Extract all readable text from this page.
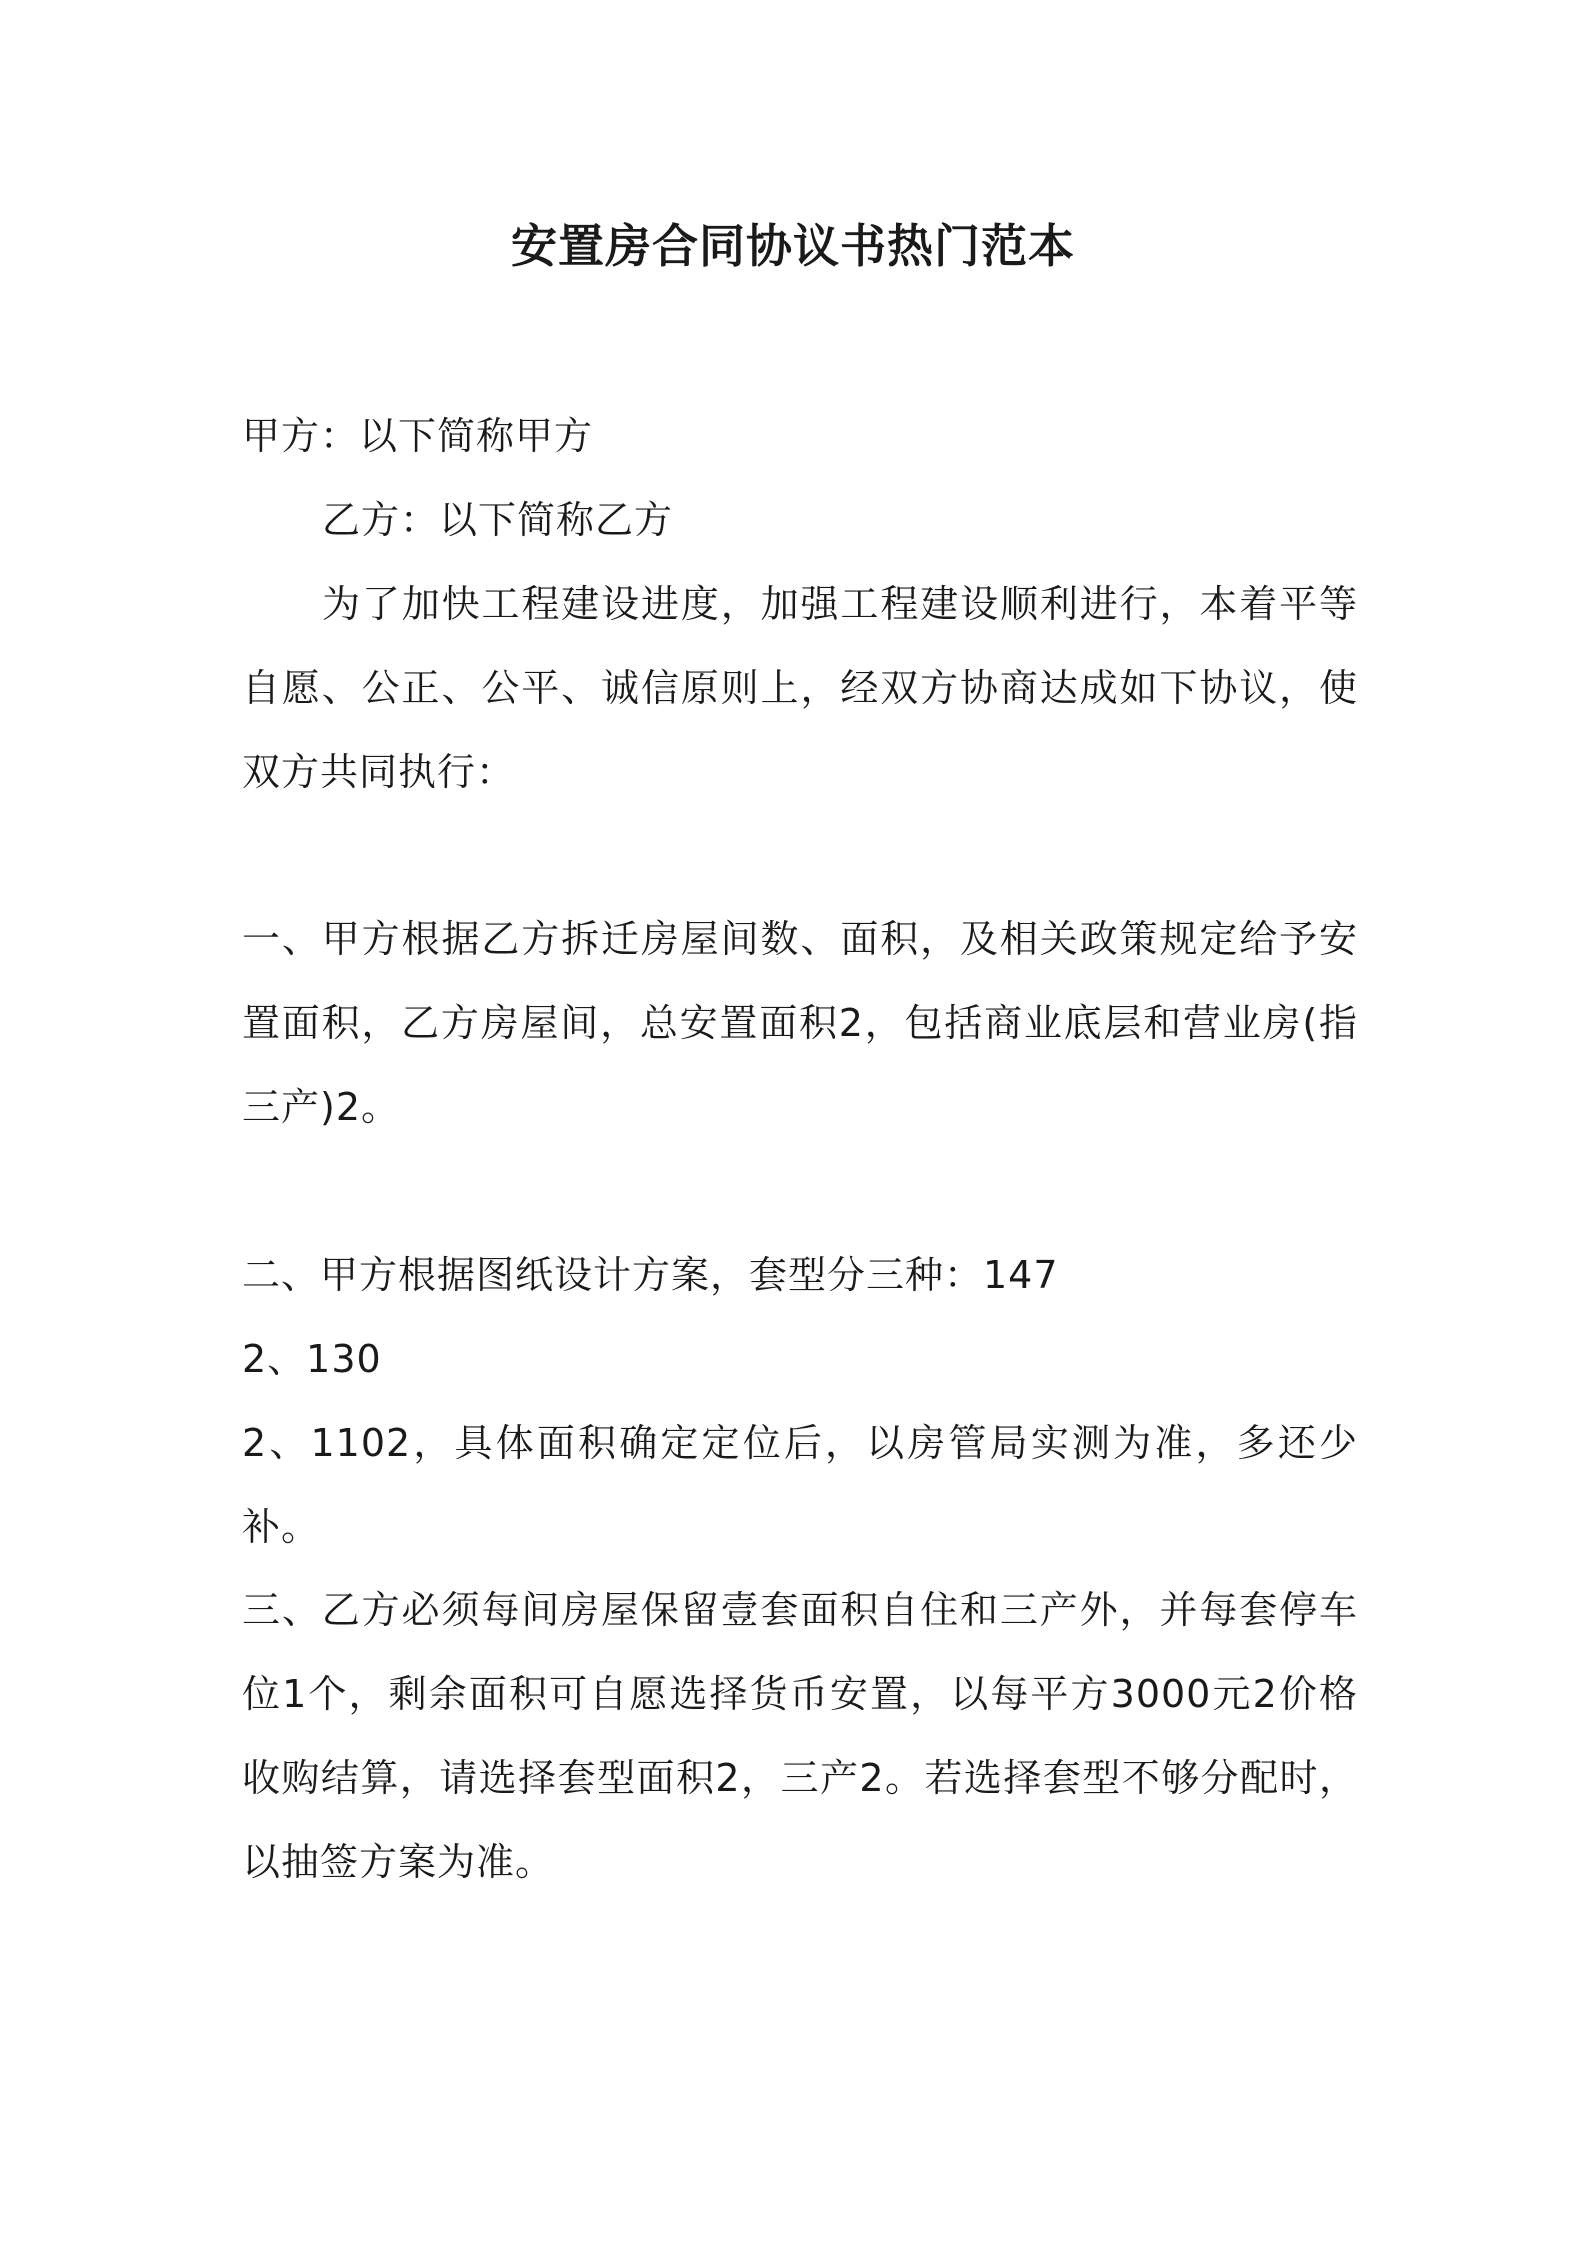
安置房合同协议书热门范本

甲方：以下简称甲方

乙方：以下简称乙方

为了加快工程建设进度，加强工程建设顺利进行，本着平等自愿、公正、公平、诚信原则上，经双方协商达成如下协议，使双方共同执行：

一、甲方根据乙方拆迁房屋间数、面积，及相关政策规定给予安置面积，乙方房屋间，总安置面积2，包括商业底层和营业房(指三产)2。

二、甲方根据图纸设计方案，套型分三种：147

2、130

2、1102，具体面积确定定位后，以房管局实测为准，多还少补。

三、乙方必须每间房屋保留壹套面积自住和三产外，并每套停车位1个，剩余面积可自愿选择货币安置，以每平方3000元2价格收购结算，请选择套型面积2，三产2。若选择套型不够分配时，以抽签方案为准。
